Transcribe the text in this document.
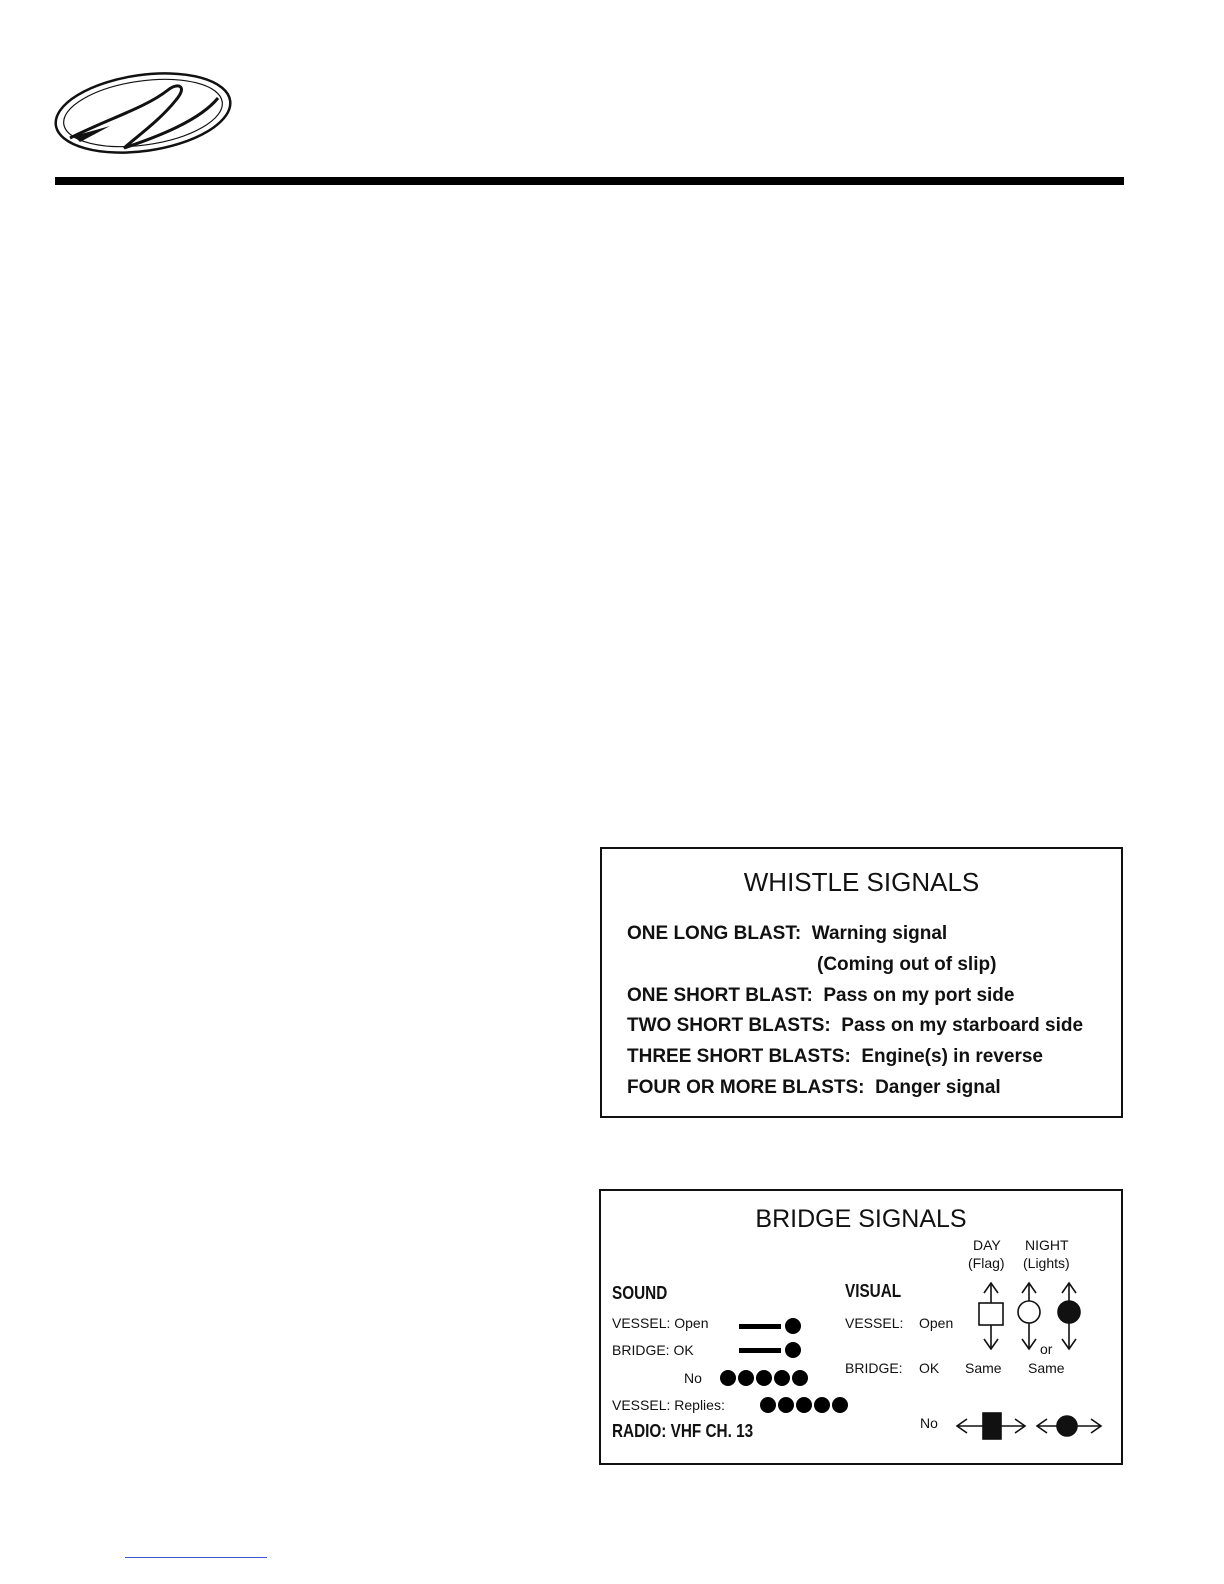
WHISTLE SIGNALS
ONE LONG BLAST: Warning signal
(Coming out of slip)
ONE SHORT BLAST: Pass on my port side
TWO SHORT BLASTS: Pass on my starboard side
THREE SHORT BLASTS: Engine(s) in reverse
FOUR OR MORE BLASTS: Danger signal
BRIDGE SIGNALS
DAY
(Flag)
NIGHT
(Lights)
SOUND	VISUAL
VESSEL: Open
BRIDGE: OK
No
VESSEL: Replies:
RADIO: VHF CH. 13
VESSEL: Open
BRIDGE: OK Same Same
or
No
